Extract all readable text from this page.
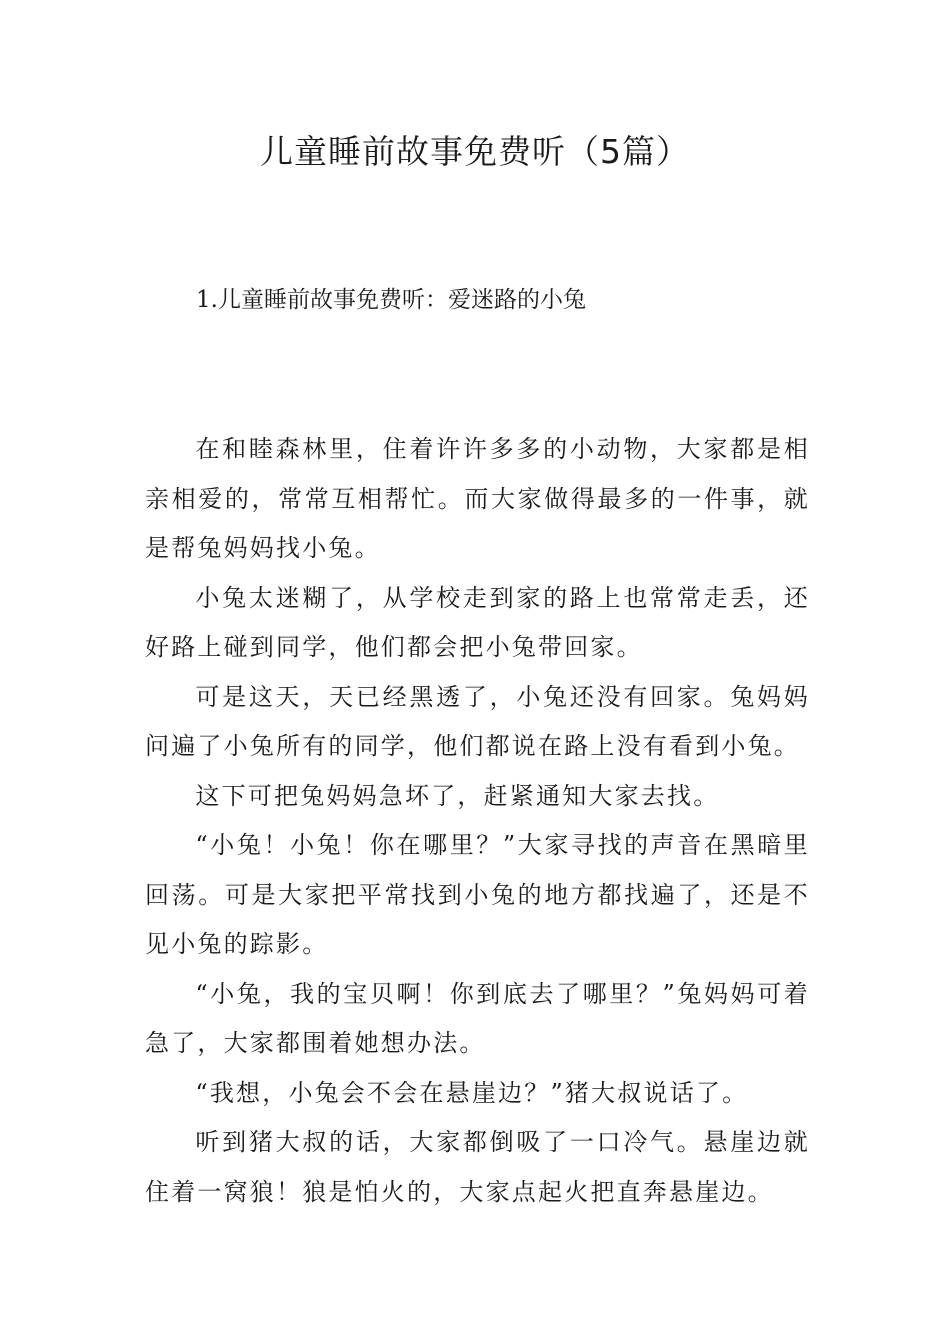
儿童睡前故事免费听（5篇）
1.儿童睡前故事免费听：爱迷路的小兔

在和睦森林里，住着许许多多的小动物，大家都是相亲相爱的，常常互相帮忙。而大家做得最多的一件事，就是帮兔妈妈找小兔。

小兔太迷糊了，从学校走到家的路上也常常走丢，还好路上碰到同学，他们都会把小兔带回家。

可是这天，天已经黑透了，小兔还没有回家。兔妈妈问遍了小兔所有的同学，他们都说在路上没有看到小兔。

这下可把兔妈妈急坏了，赶紧通知大家去找。

“小兔！小兔！你在哪里？”大家寻找的声音在黑暗里回荡。可是大家把平常找到小兔的地方都找遍了，还是不见小兔的踪影。

“小兔，我的宝贝啊！你到底去了哪里？”兔妈妈可着急了，大家都围着她想办法。

“我想，小兔会不会在悬崖边？”猪大叔说话了。

听到猪大叔的话，大家都倒吸了一口冷气。悬崖边就住着一窝狼！狼是怕火的，大家点起火把直奔悬崖边。
